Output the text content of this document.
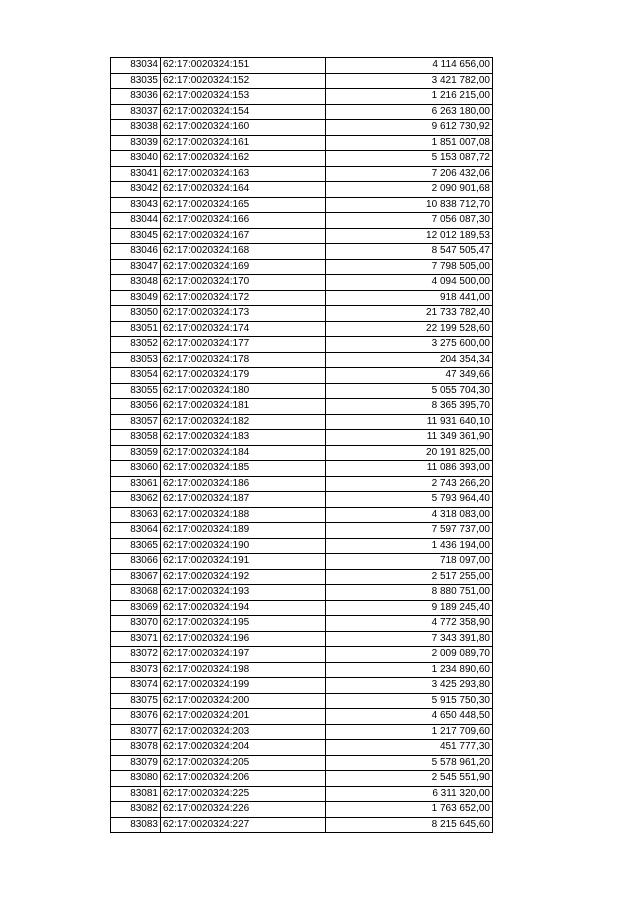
83034	62:17:0020324:151	4 114 656,00
83035	62:17:0020324:152	3 421 782,00
83036	62:17:0020324:153	1 216 215,00
83037	62:17:0020324:154	6 263 180,00
83038	62:17:0020324:160	9 612 730,92
83039	62:17:0020324:161	1 851 007,08
83040	62:17:0020324:162	5 153 087,72
83041	62:17:0020324:163	7 206 432,06
83042	62:17:0020324:164	2 090 901,68
83043	62:17:0020324:165	10 838 712,70
83044	62:17:0020324:166	7 056 087,30
83045	62:17:0020324:167	12 012 189,53
83046	62:17:0020324:168	8 547 505,47
83047	62:17:0020324:169	7 798 505,00
83048	62:17:0020324:170	4 094 500,00
83049	62:17:0020324:172	918 441,00
83050	62:17:0020324:173	21 733 782,40
83051	62:17:0020324:174	22 199 528,60
83052	62:17:0020324:177	3 275 600,00
83053	62:17:0020324:178	204 354,34
83054	62:17:0020324:179	47 349,66
83055	62:17:0020324:180	5 055 704,30
83056	62:17:0020324:181	8 365 395,70
83057	62:17:0020324:182	11 931 640,10
83058	62:17:0020324:183	11 349 361,90
83059	62:17:0020324:184	20 191 825,00
83060	62:17:0020324:185	11 086 393,00
83061	62:17:0020324:186	2 743 266,20
83062	62:17:0020324:187	5 793 964,40
83063	62:17:0020324:188	4 318 083,00
83064	62:17:0020324:189	7 597 737,00
83065	62:17:0020324:190	1 436 194,00
83066	62:17:0020324:191	718 097,00
83067	62:17:0020324:192	2 517 255,00
83068	62:17:0020324:193	8 880 751,00
83069	62:17:0020324:194	9 189 245,40
83070	62:17:0020324:195	4 772 358,90
83071	62:17:0020324:196	7 343 391,80
83072	62:17:0020324:197	2 009 089,70
83073	62:17:0020324:198	1 234 890,60
83074	62:17:0020324:199	3 425 293,80
83075	62:17:0020324:200	5 915 750,30
83076	62:17:0020324:201	4 650 448,50
83077	62:17:0020324:203	1 217 709,60
83078	62:17:0020324:204	451 777,30
83079	62:17:0020324:205	5 578 961,20
83080	62:17:0020324:206	2 545 551,90
83081	62:17:0020324:225	6 311 320,00
83082	62:17:0020324:226	1 763 652,00
83083	62:17:0020324:227	8 215 645,60
